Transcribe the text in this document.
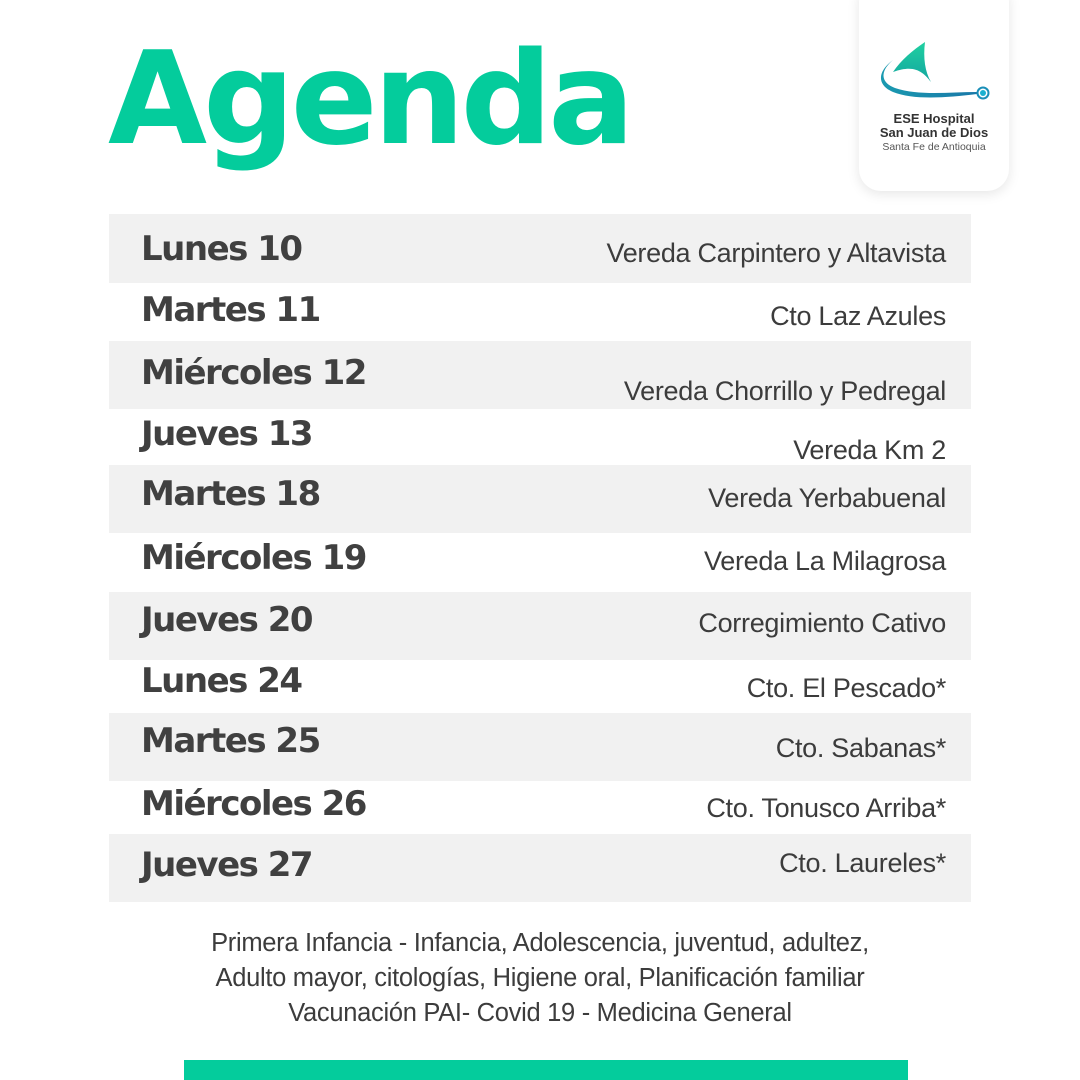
Agenda	ESE Hospital
San Juan de Dios
Santa Fe de Antioquia
Lunes 10	Vereda Carpintero y Altavista
Martes 11	Cto Laz Azules
Miércoles 12	Vereda Chorrillo y Pedregal
Jueves 13	Vereda Km 2
Martes 18	Vereda Yerbabuenal
Miércoles 19	Vereda La Milagrosa
Jueves 20	Corregimiento Cativo
Lunes 24	Cto. El Pescado*
Martes 25	Cto. Sabanas*
Miércoles 26	Cto. Tonusco Arriba*
Jueves 27	Cto. Laureles*
Primera Infancia - Infancia, Adolescencia, juventud, adultez,
Adulto mayor, citologías, Higiene oral, Planificación familiar
Vacunación PAI- Covid 19 - Medicina General
